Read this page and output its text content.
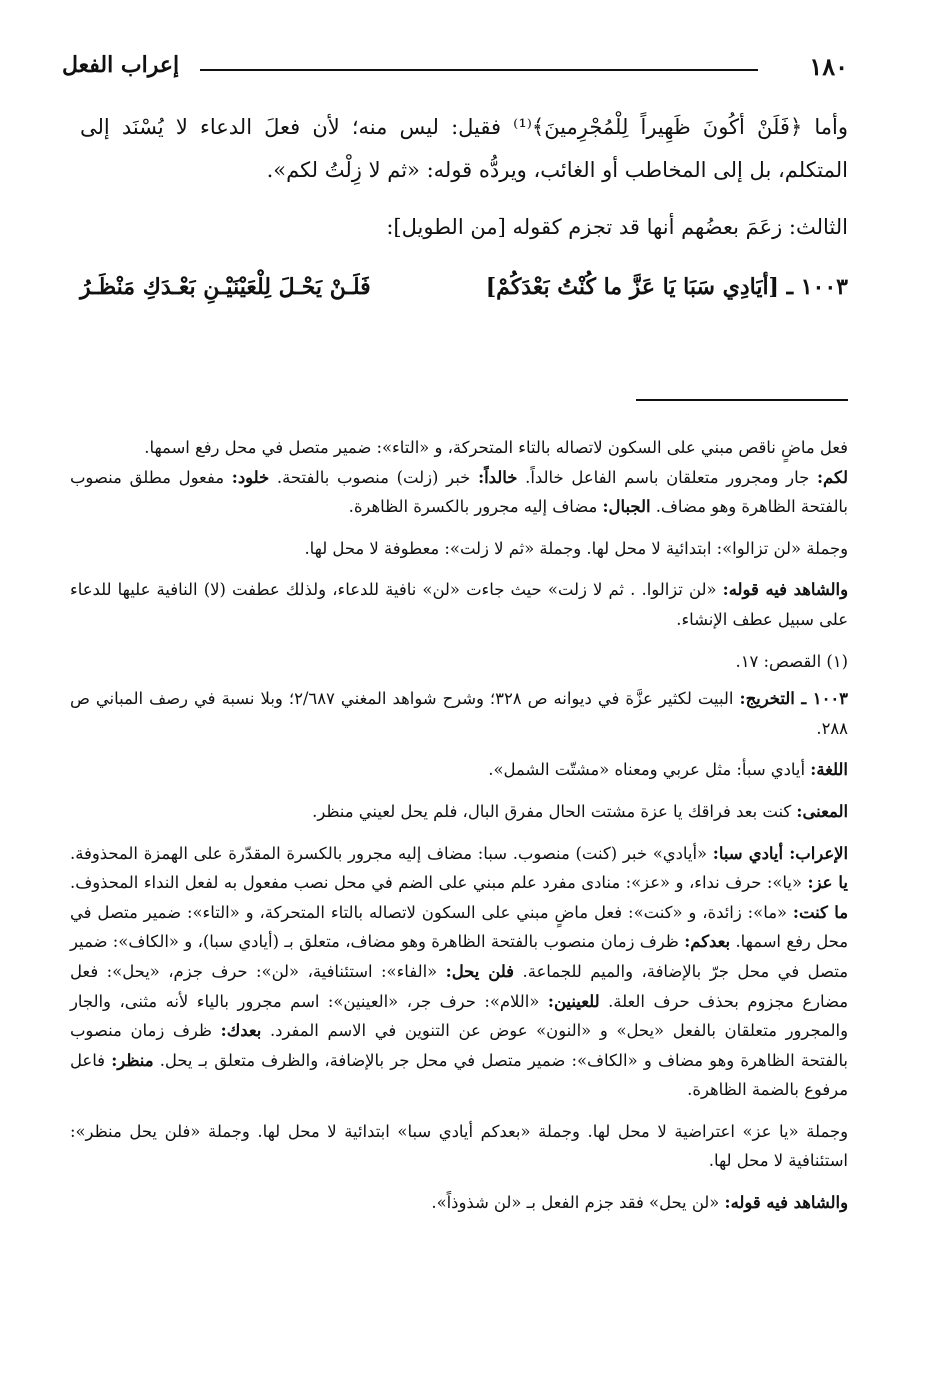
١٨٠
إعراب الفعل

وأما ﴿فَلَنْ أكُونَ ظَهِيراً لِلْمُجْرِمينَ﴾⁽¹⁾ فقيل: ليس منه؛ لأن فعلَ الدعاء لا يُسْنَد إلى المتكلم، بل إلى المخاطب أو الغائب، ويردُّه قوله: «ثم لا زِلْتُ لكم».

الثالث: زعَمَ بعضُهم أنها قد تجزم كقوله [من الطويل]:

١٠٠٣ ـ [أيَادِي سَبَا يَا عَزَّ ما كُنْتُ بَعْدَكُمْ]
فَلَـنْ يَحْـلَ لِلْعَيْنَيْـنِ بَعْـدَكِ مَنْظَـرُ

فعل ماضٍ ناقص مبني على السكون لاتصاله بالتاء المتحركة، و «التاء»: ضمير متصل في محل رفع اسمها.

لكم: جار ومجرور متعلقان باسم الفاعل خالداً. خالداً: خبر (زلت) منصوب بالفتحة. خلود: مفعول مطلق منصوب بالفتحة الظاهرة وهو مضاف. الجبال: مضاف إليه مجرور بالكسرة الظاهرة.

وجملة «لن تزالوا»: ابتدائية لا محل لها. وجملة «ثم لا زلت»: معطوفة لا محل لها.

والشاهد فيه قوله: «لن تزالوا. . ثم لا زلت» حيث جاءت «لن» نافية للدعاء، ولذلك عطفت (لا) النافية عليها للدعاء على سبيل عطف الإنشاء.

(١) القصص: ١٧.

١٠٠٣ ـ التخريج: البيت لكثير عزَّة في ديوانه ص ٣٢٨؛ وشرح شواهد المغني ٢/٦٨٧؛ وبلا نسبة في رصف المباني ص ٢٨٨.

اللغة: أيادي سبأ: مثل عربي ومعناه «مشتّت الشمل».

المعنى: كنت بعد فراقك يا عزة مشتت الحال مفرق البال، فلم يحل لعيني منظر.

الإعراب: أيادي سبا: «أيادي» خبر (كنت) منصوب. سبا: مضاف إليه مجرور بالكسرة المقدّرة على الهمزة المحذوفة. يا عز: «يا»: حرف نداء، و «عز»: منادى مفرد علم مبني على الضم في محل نصب مفعول به لفعل النداء المحذوف. ما كنت: «ما»: زائدة، و «كنت»: فعل ماضٍ مبني على السكون لاتصاله بالتاء المتحركة، و «التاء»: ضمير متصل في محل رفع اسمها. بعدكم: ظرف زمان منصوب بالفتحة الظاهرة وهو مضاف، متعلق بـ (أيادي سبا)، و «الكاف»: ضمير متصل في محل جرّ بالإضافة، والميم للجماعة. فلن يحل: «الفاء»: استئنافية، «لن»: حرف جزم، «يحل»: فعل مضارع مجزوم بحذف حرف العلة. للعينين: «اللام»: حرف جر، «العينين»: اسم مجرور بالياء لأنه مثنى، والجار والمجرور متعلقان بالفعل «يحل» و «النون» عوض عن التنوين في الاسم المفرد. بعدك: ظرف زمان منصوب بالفتحة الظاهرة وهو مضاف و «الكاف»: ضمير متصل في محل جر بالإضافة، والظرف متعلق بـ يحل. منظر: فاعل مرفوع بالضمة الظاهرة.

وجملة «يا عز» اعتراضية لا محل لها. وجملة «بعدكم أيادي سبا» ابتدائية لا محل لها. وجملة «فلن يحل منظر»: استئنافية لا محل لها.

والشاهد فيه قوله: «لن يحل» فقد جزم الفعل بـ «لن شذوذاً».
